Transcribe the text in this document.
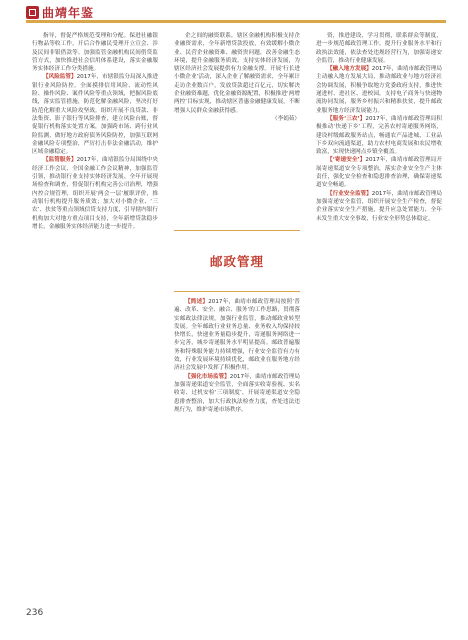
曲靖年鉴

指导，督促严格规范受理和分配。保进社融银行物品等收工作，开后合作融民受理开立宣会、涉及民间非银借款等。加强监管金融机构民间借贷监管方式，加快推进社会信用体系建设，落实金融服务实体经济工作分类措施。

【风险监管】2017年，市辖银监分局深入推进银行业风险防控，全面摸排信用风险、流动性风险、操作风险、案件风险等重点领域，把握风险底线，落实监管措施，防范化解金融风险，坚决打好防范化解重大风险攻坚战。组织开展不良贷款、非法集资、影子银行等风险排查，建立风险台账，督促银行机构落实处置方案，加强跨市场、跨行业风险监测，做好地方政府债务风险防控，加强互联网金融风险专项整治，严厉打击非法金融活动，维护区域金融稳定。

【监管服务】2017年，曲靖银监分局围绕中央经济工作会议、全国金融工作会议精神，加强监管引领，推动银行业支持实体经济发展。全年开展现场检查和调查，督促银行机构完善公司治理，增强内控合规管理，组织开展‘两会一层’履职评价，推动银行机构提升服务质效；加大对小微企业、‘三农’、扶贫等重点领域信贷支持力度，引导辖内银行机构加大对地方重点项目支持，全年新增贷款稳步增长，金融服务实体经济能力进一步提升。

企之间的融资联系，辖区金融机构积极支持企业融资需求，全年新增贷款投放，有效缓解小微企业、民营企业融资难、融资贵问题，改善金融生态环境，提升金融服务质效。支持实体经济发展，为辖区经济社会发展提供有力金融支撑。开展‘行长进小微企业’活动，深入企业了解融资需求，全年累计走访企业数百户，发放贷款超过百亿元，切实解决企业融资难题，优化金融资源配置，积极推进‘两增两控’目标实现，推动辖区普惠金融健康发展，不断增强人民群众金融获得感。

（李娟茹）

邮政管理

【简述】2017年，曲靖市邮政管理局按照‘普遍、改革、安全、融合、服务’的工作思路，贯彻落实邮政法律法规，加强行业监管，推动邮政业转型发展。全年邮政行业业务总量、业务收入均保持较快增长，快递业务量稳步提升，寄递服务网络进一步完善，城乡寄递服务水平明显提高。邮政普遍服务和特殊服务能力持续增强，行业安全监管有力有效，行业发展环境持续优化，邮政业在服务地方经济社会发展中发挥了积极作用。

【强化市场监管】2017年，曲靖市邮政管理局加强寄递渠道安全监管，全面落实收寄验视、实名收寄、过机安检‘三项制度’，开展寄递渠道安全隐患排查整治，加大行政执法检查力度，查处违法违规行为，维护寄递市场秩序。

资，推进建设，学习贯彻，联系群众等制度，进一步规范邮政管理工作，提升行业服务水平和行政执法效能，依法查处违规经营行为，加强寄递安全监管，推动行业健康发展。

【融入地方发展】2017年，曲靖市邮政管理局主动融入地方发展大局，推动邮政业与地方经济社会协调发展，积极争取地方党委政府支持，推进快递进村、进社区、进校园，支持电子商务与快递物流协同发展，服务乡村振兴和精准扶贫，提升邮政业服务地方经济发展能力。

【服务‘三农’】2017年，曲靖市邮政管理局积极推动‘快递下乡’工程，完善农村寄递服务网络，建设村级邮政服务站点，畅通农产品进城、工业品下乡双向流通渠道，助力农村电商发展和农民增收致富，实现快递网点乡镇全覆盖。

【‘寄递安全’】2017年，曲靖市邮政管理局开展寄递渠道安全专项整治，落实企业安全生产主体责任，强化安全检查和隐患排查治理，确保寄递渠道安全畅通。

【行业安全监管】2017年，曲靖市邮政管理局加强寄递安全监管，组织开展安全生产检查，督促企业落实安全生产措施，提升应急处置能力，全年未发生重大安全事故，行业安全形势总体稳定。

236
